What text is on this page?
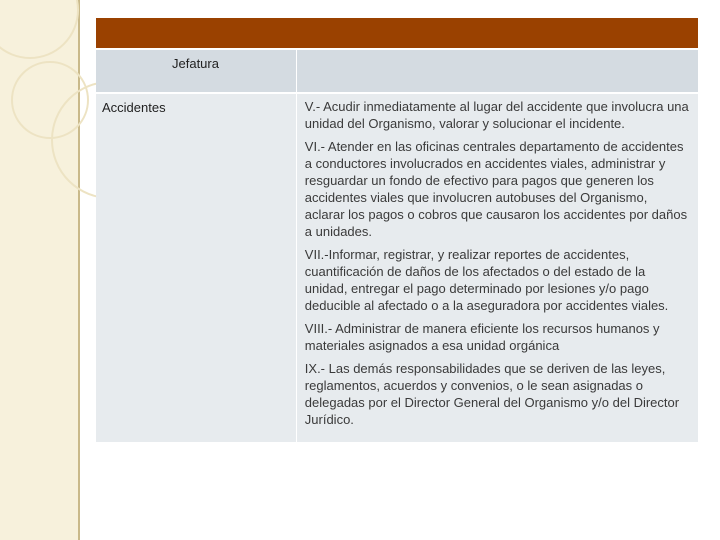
Jefatura	

Accidentes	V.- Acudir inmediatamente al lugar del accidente que involucra una unidad del Organismo, valorar y solucionar el incidente.

VI.- Atender en las oficinas centrales departamento de accidentes a conductores involucrados en accidentes viales, administrar y resguardar un fondo de efectivo para pagos que generen los accidentes viales que involucren autobuses del Organismo, aclarar los pagos o cobros que causaron los accidentes por daños a unidades.

VII.-Informar, registrar, y realizar reportes de accidentes, cuantificación de daños de los afectados o del estado de la unidad, entregar el pago determinado por lesiones y/o pago deducible al afectado o a la aseguradora por accidentes viales.

VIII.- Administrar de manera eficiente los recursos humanos y materiales asignados a esa unidad orgánica

IX.- Las demás responsabilidades que se deriven de las leyes, reglamentos, acuerdos y convenios, o le sean asignadas o delegadas por el Director General del Organismo y/o del Director Jurídico.
